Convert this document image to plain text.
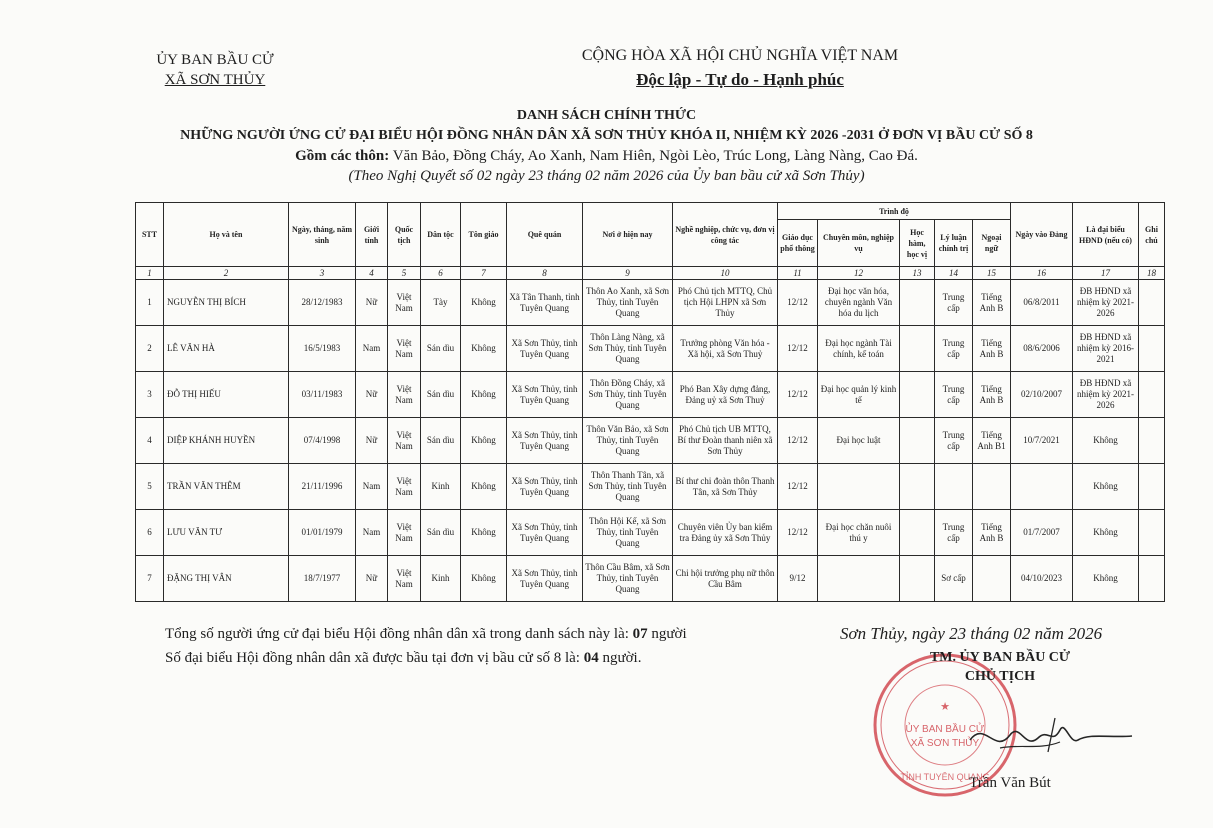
ỦY BAN BẦU CỬ
XÃ SƠN THỦY
CỘNG HÒA XÃ HỘI CHỦ NGHĨA VIỆT NAM
Độc lập - Tự do - Hạnh phúc
DANH SÁCH CHÍNH THỨC
NHỮNG NGƯỜI ỨNG CỬ ĐẠI BIỂU HỘI ĐỒNG NHÂN DÂN XÃ SƠN THỦY KHÓA II, NHIỆM KỲ 2026 -2031 Ở ĐƠN VỊ BẦU CỬ SỐ 8
Gồm các thôn: Văn Bảo, Đồng Cháy, Ao Xanh, Nam Hiên, Ngòi Lèo, Trúc Long, Làng Nàng, Cao Đá.
(Theo Nghị Quyết số 02 ngày 23 tháng 02 năm 2026 của Ủy ban bầu cử xã Sơn Thủy)
STT	Họ và tên	Ngày, tháng, năm sinh	Giới tính	Quốc tịch	Dân tộc	Tôn giáo	Quê quán	Nơi ở hiện nay	Nghề nghiệp, chức vụ, đơn vị công tác	Trình độ					Ngày vào Đảng	Là đại biểu HĐND (nếu có)	Ghi chú
										Giáo dục phổ thông	Chuyên môn, nghiệp vụ	Học hàm, học vị	Lý luận chính trị	Ngoại ngữ			
1	2	3	4	5	6	7	8	9	10	11	12	13	14	15	16	17	18
1	NGUYỄN THỊ BÍCH	28/12/1983	Nữ	Việt Nam	Tày	Không	Xã Tân Thanh, tỉnh Tuyên Quang	Thôn Ao Xanh, xã Sơn Thủy, tỉnh Tuyên Quang	Phó Chủ tịch MTTQ, Chủ tịch Hội LHPN xã Sơn Thủy	12/12	Đại học văn hóa, chuyên ngành Văn hóa du lịch		Trung cấp	Tiếng Anh B	06/8/2011	ĐB HĐND xã nhiệm kỳ 2021-2026	
2	LÊ VĂN HÀ	16/5/1983	Nam	Việt Nam	Sán dìu	Không	Xã Sơn Thủy, tỉnh Tuyên Quang	Thôn Làng Nàng, xã Sơn Thủy, tỉnh Tuyên Quang	Trưởng phòng Văn hóa - Xã hội, xã Sơn Thuỷ	12/12	Đại học ngành Tài chính, kế toán		Trung cấp	Tiếng Anh B	08/6/2006	ĐB HĐND xã nhiệm kỳ 2016-2021	
3	ĐỖ THỊ HIẾU	03/11/1983	Nữ	Việt Nam	Sán dìu	Không	Xã Sơn Thủy, tỉnh Tuyên Quang	Thôn Đồng Cháy, xã Sơn Thủy, tỉnh Tuyên Quang	Phó Ban Xây dựng đảng, Đảng uỷ xã Sơn Thuỷ	12/12	Đại học quản lý kinh tế		Trung cấp	Tiếng Anh B	02/10/2007	ĐB HĐND xã nhiệm kỳ 2021-2026	
4	DIỆP KHÁNH HUYỀN	07/4/1998	Nữ	Việt Nam	Sán dìu	Không	Xã Sơn Thủy, tỉnh Tuyên Quang	Thôn Văn Bảo, xã Sơn Thủy, tỉnh Tuyên Quang	Phó Chủ tịch UB MTTQ, Bí thư Đoàn thanh niên xã Sơn Thủy	12/12	Đại học luật		Trung cấp	Tiếng Anh B1	10/7/2021	Không	
5	TRẦN VĂN THÊM	21/11/1996	Nam	Việt Nam	Kinh	Không	Xã Sơn Thủy, tỉnh Tuyên Quang	Thôn Thanh Tân, xã Sơn Thủy, tỉnh Tuyên Quang	Bí thư chi đoàn thôn Thanh Tân, xã Sơn Thủy	12/12						Không	
6	LƯU VĂN TƯ	01/01/1979	Nam	Việt Nam	Sán dìu	Không	Xã Sơn Thủy, tỉnh Tuyên Quang	Thôn Hội Kế, xã Sơn Thủy, tỉnh Tuyên Quang	Chuyên viên Ủy ban kiểm tra Đảng ủy xã Sơn Thủy	12/12	Đại học chăn nuôi thú y		Trung cấp	Tiếng Anh B	01/7/2007	Không	
7	ĐẶNG THỊ VÂN	18/7/1977	Nữ	Việt Nam	Kinh	Không	Xã Sơn Thủy, tỉnh Tuyên Quang	Thôn Cầu Bâm, xã Sơn Thủy, tỉnh Tuyên Quang	Chi hội trưởng phụ nữ thôn Cầu Bâm	9/12			Sơ cấp		04/10/2023	Không	
Tổng số người ứng cử đại biểu Hội đồng nhân dân xã trong danh sách này là: 07 người
Số đại biểu Hội đồng nhân dân xã được bầu tại đơn vị bầu cử số 8 là: 04 người.
Sơn Thủy, ngày 23 tháng 02 năm 2026
★
ỦY BAN BẦU CỬ
XÃ SƠN THỦY
TỈNH TUYÊN QUANG
TM. ỦY BAN BẦU CỬ
CHỦ TỊCH
Trần Văn Bút
